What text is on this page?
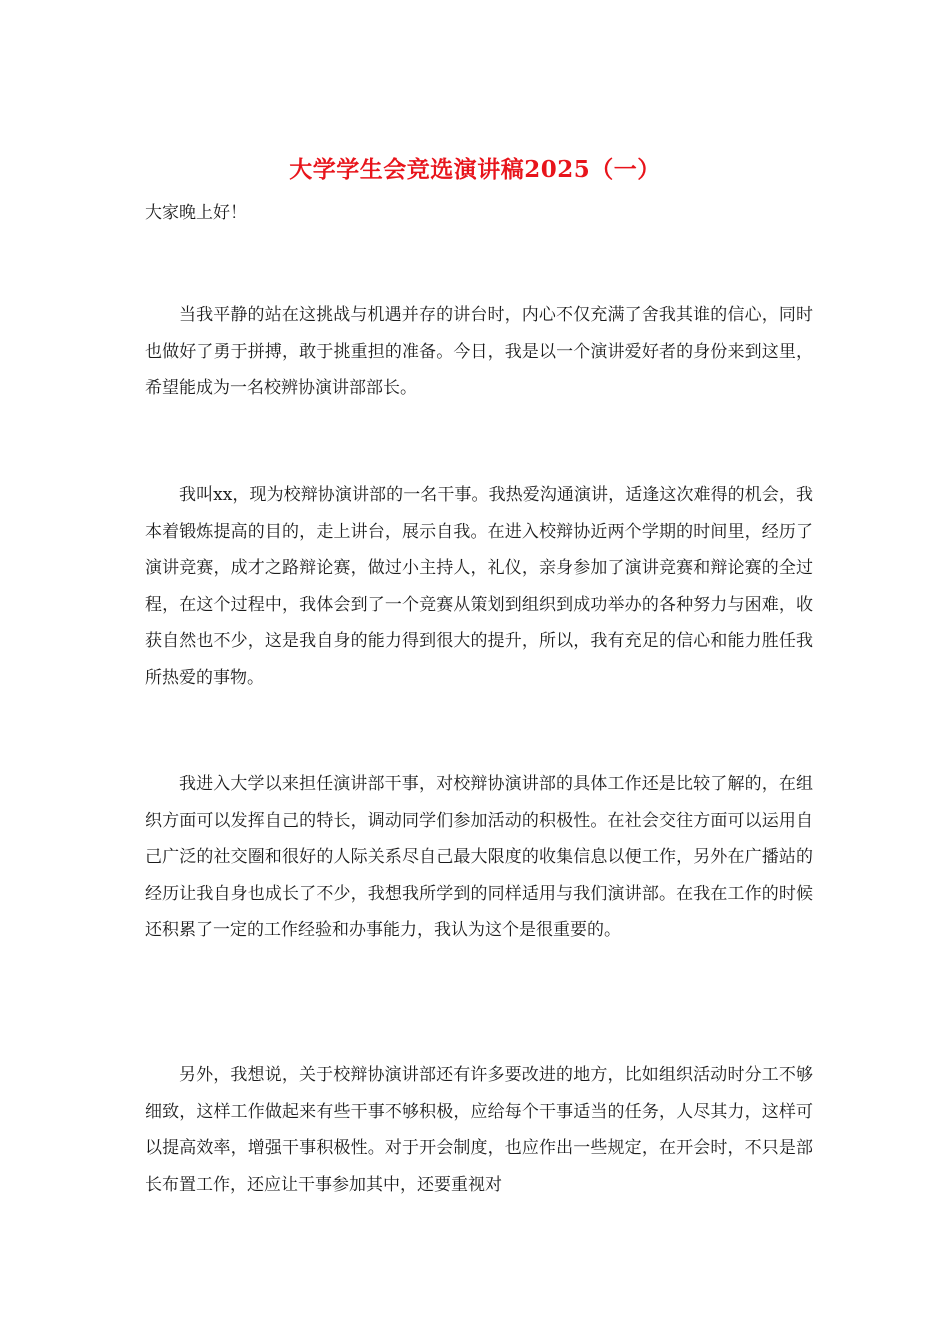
大学学生会竞选演讲稿2025（一）
大家晚上好！

当我平静的站在这挑战与机遇并存的讲台时，内心不仅充满了舍我其谁的信心，同时也做好了勇于拼搏，敢于挑重担的准备。今日，我是以一个演讲爱好者的身份来到这里，希望能成为一名校辨协演讲部部长。

我叫xx，现为校辩协演讲部的一名干事。我热爱沟通演讲，适逢这次难得的机会，我本着锻炼提高的目的，走上讲台，展示自我。在进入校辩协近两个学期的时间里，经历了演讲竞赛，成才之路辩论赛，做过小主持人，礼仪，亲身参加了演讲竞赛和辩论赛的全过程，在这个过程中，我体会到了一个竞赛从策划到组织到成功举办的各种努力与困难，收获自然也不少，这是我自身的能力得到很大的提升，所以，我有充足的信心和能力胜任我所热爱的事物。

我进入大学以来担任演讲部干事，对校辩协演讲部的具体工作还是比较了解的，在组织方面可以发挥自己的特长，调动同学们参加活动的积极性。在社会交往方面可以运用自己广泛的社交圈和很好的人际关系尽自己最大限度的收集信息以便工作，另外在广播站的经历让我自身也成长了不少，我想我所学到的同样适用与我们演讲部。在我在工作的时候还积累了一定的工作经验和办事能力，我认为这个是很重要的。

另外，我想说，关于校辩协演讲部还有许多要改进的地方，比如组织活动时分工不够细致，这样工作做起来有些干事不够积极，应给每个干事适当的任务，人尽其力，这样可以提高效率，增强干事积极性。对于开会制度，也应作出一些规定，在开会时，不只是部长布置工作，还应让干事参加其中，还要重视对
